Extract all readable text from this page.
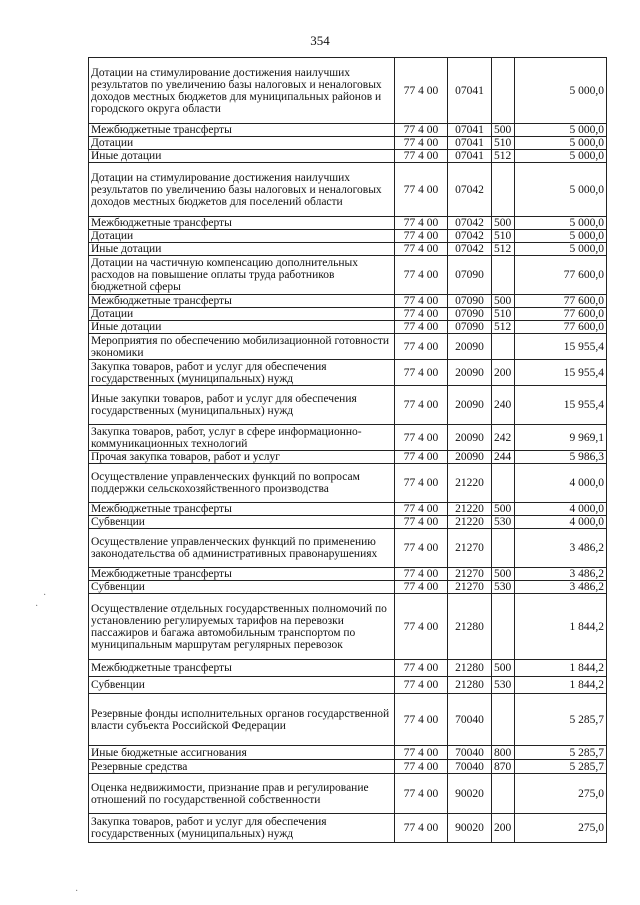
354
Дотации на стимулирование достижения наилучших результатов по увеличению базы налоговых и неналоговых доходов местных бюджетов для муниципальных районов и городского округа области	77 4 00	07041		5 000,0
Межбюджетные трансферты	77 4 00	07041	500	5 000,0
Дотации	77 4 00	07041	510	5 000,0
Иные дотации	77 4 00	07041	512	5 000,0
Дотации на стимулирование достижения наилучших результатов по увеличению базы налоговых и неналоговых доходов местных бюджетов для поселений области	77 4 00	07042		5 000,0
Межбюджетные трансферты	77 4 00	07042	500	5 000,0
Дотации	77 4 00	07042	510	5 000,0
Иные дотации	77 4 00	07042	512	5 000,0
Дотации на частичную компенсацию дополнительных расходов на повышение оплаты труда работников бюджетной сферы	77 4 00	07090		77 600,0
Межбюджетные трансферты	77 4 00	07090	500	77 600,0
Дотации	77 4 00	07090	510	77 600,0
Иные дотации	77 4 00	07090	512	77 600,0
Мероприятия по обеспечению мобилизационной готовности экономики	77 4 00	20090		15 955,4
Закупка товаров, работ и услуг для обеспечения государственных (муниципальных) нужд	77 4 00	20090	200	15 955,4
Иные закупки товаров, работ и услуг для обеспечения государственных (муниципальных) нужд	77 4 00	20090	240	15 955,4
Закупка товаров, работ, услуг в сфере информационно-коммуникационных технологий	77 4 00	20090	242	9 969,1
Прочая закупка товаров, работ и услуг	77 4 00	20090	244	5 986,3
Осуществление управленческих функций по вопросам поддержки сельскохозяйственного производства	77 4 00	21220		4 000,0
Межбюджетные трансферты	77 4 00	21220	500	4 000,0
Субвенции	77 4 00	21220	530	4 000,0
Осуществление управленческих функций по применению законодательства об административных правонарушениях	77 4 00	21270		3 486,2
Межбюджетные трансферты	77 4 00	21270	500	3 486,2
Субвенции	77 4 00	21270	530	3 486,2
Осуществление отдельных государственных полномочий по установлению регулируемых тарифов на перевозки пассажиров и багажа автомобильным транспортом по муниципальным маршрутам регулярных перевозок	77 4 00	21280		1 844,2
Межбюджетные трансферты	77 4 00	21280	500	1 844,2
Субвенции	77 4 00	21280	530	1 844,2
Резервные фонды исполнительных органов государственной власти субъекта Российской Федерации	77 4 00	70040		5 285,7
Иные бюджетные ассигнования	77 4 00	70040	800	5 285,7
Резервные средства	77 4 00	70040	870	5 285,7
Оценка недвижимости, признание прав и регулирование отношений по государственной собственности	77 4 00	90020		275,0
Закупка товаров, работ и услуг для обеспечения государственных (муниципальных) нужд	77 4 00	90020	200	275,0
·
·
·
